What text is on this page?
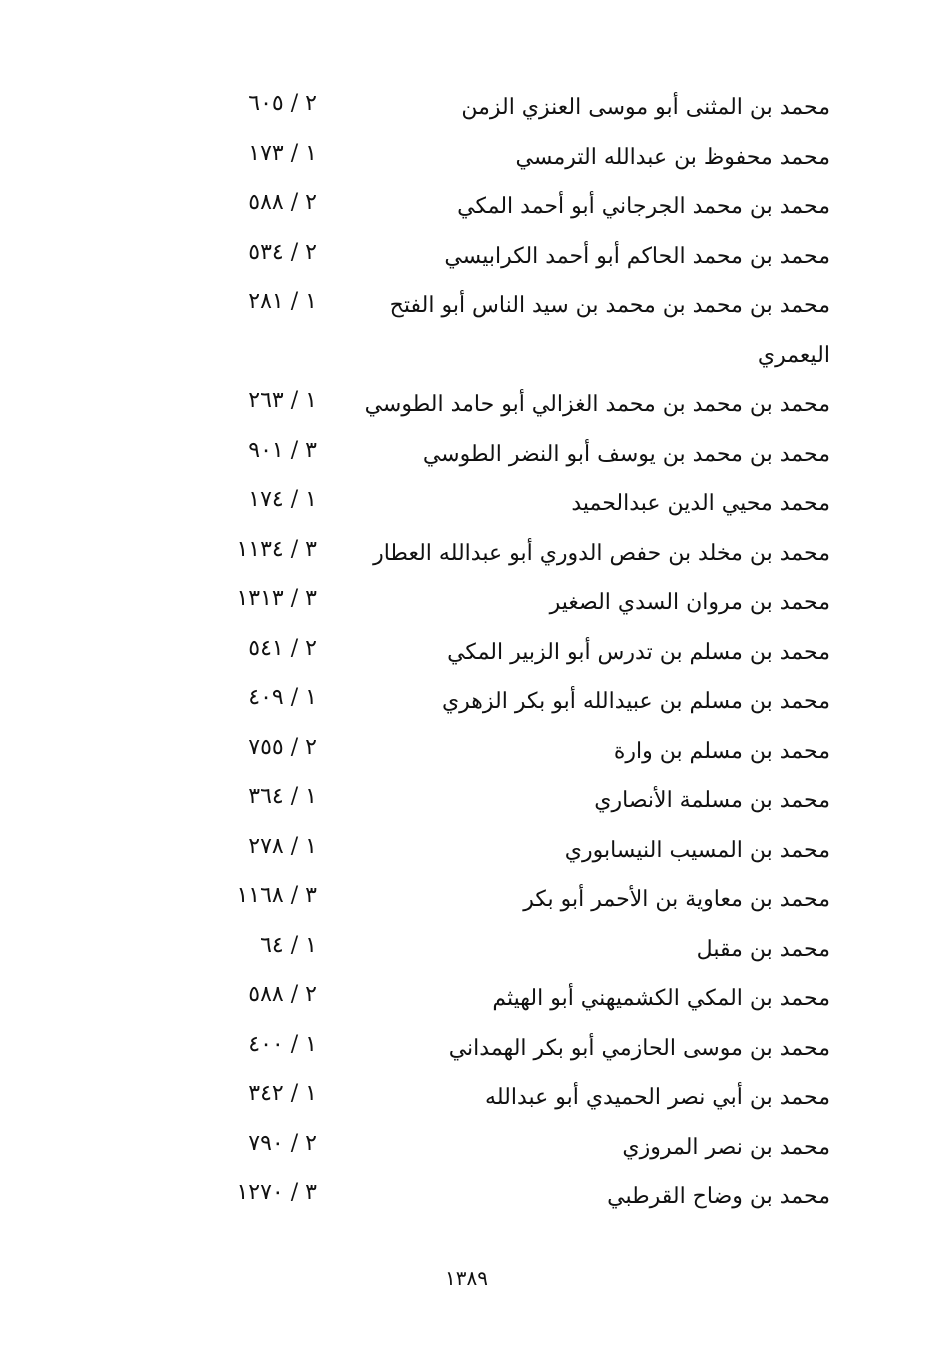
محمد بن المثنى أبو موسى العنزي الزمن
٦٠٥ / ٢
محمد محفوظ بن عبدالله الترمسي
١٧٣ / ١
محمد بن محمد الجرجاني أبو أحمد المكي
٥٨٨ / ٢
محمد بن محمد الحاكم أبو أحمد الكرابيسي
٥٣٤ / ٢
محمد بن محمد بن محمد بن سيد الناس أبو الفتح
٢٨١ / ١
اليعمري
محمد بن محمد بن محمد الغزالي أبو حامد الطوسي
٢٦٣ / ١
محمد بن محمد بن يوسف أبو النضر الطوسي
٩٠١ / ٣
محمد محيي الدين عبدالحميد
١٧٤ / ١
محمد بن مخلد بن حفص الدوري أبو عبدالله العطار
١١٣٤ / ٣
محمد بن مروان السدي الصغير
١٣١٣ / ٣
محمد بن مسلم بن تدرس أبو الزبير المكي
٥٤١ / ٢
محمد بن مسلم بن عبيدالله أبو بكر الزهري
٤٠٩ / ١
محمد بن مسلم بن وارة
٧٥٥ / ٢
محمد بن مسلمة الأنصاري
٣٦٤ / ١
محمد بن المسيب النيسابوري
٢٧٨ / ١
محمد بن معاوية بن الأحمر أبو بكر
١١٦٨ / ٣
محمد بن مقبل
٦٤ / ١
محمد بن المكي الكشميهني أبو الهيثم
٥٨٨ / ٢
محمد بن موسى الحازمي أبو بكر الهمداني
٤٠٠ / ١
محمد بن أبي نصر الحميدي أبو عبدالله
٣٤٢ / ١
محمد بن نصر المروزي
٧٩٠ / ٢
محمد بن وضاح القرطبي
١٢٧٠ / ٣
١٣٨٩
